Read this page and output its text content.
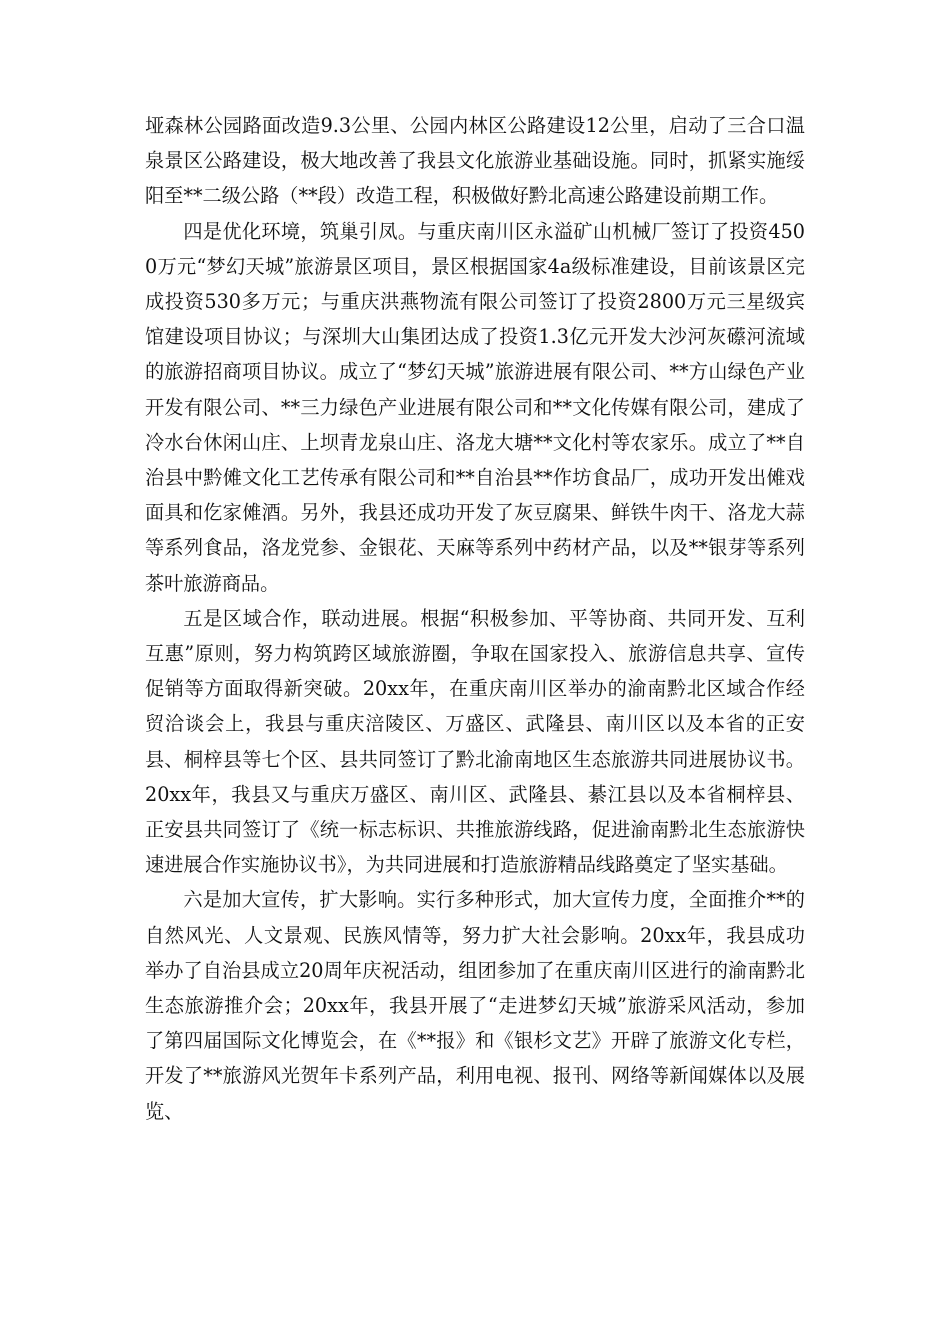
垭森林公园路面改造9.3公里、公园内林区公路建设12公里，启动了三合口温泉景区公路建设，极大地改善了我县文化旅游业基础设施。同时，抓紧实施绥阳至**二级公路（**段）改造工程，积极做好黔北高速公路建设前期工作。

四是优化环境，筑巢引凤。与重庆南川区永溢矿山机械厂签订了投资4500万元“梦幻天城”旅游景区项目，景区根据国家4a级标准建设，目前该景区完成投资530多万元；与重庆洪燕物流有限公司签订了投资2800万元三星级宾馆建设项目协议；与深圳大山集团达成了投资1.3亿元开发大沙河灰礤河流域的旅游招商项目协议。成立了“梦幻天城”旅游进展有限公司、**方山绿色产业开发有限公司、**三力绿色产业进展有限公司和**文化传媒有限公司，建成了冷水台休闲山庄、上坝青龙泉山庄、洛龙大塘**文化村等农家乐。成立了**自治县中黔傩文化工艺传承有限公司和**自治县**作坊食品厂，成功开发出傩戏面具和仡家傩酒。另外，我县还成功开发了灰豆腐果、鲜铁牛肉干、洛龙大蒜等系列食品，洛龙党参、金银花、天麻等系列中药材产品，以及**银芽等系列茶叶旅游商品。

五是区域合作，联动进展。根据“积极参加、平等协商、共同开发、互利互惠”原则，努力构筑跨区域旅游圈，争取在国家投入、旅游信息共享、宣传促销等方面取得新突破。20xx年，在重庆南川区举办的渝南黔北区域合作经贸洽谈会上，我县与重庆涪陵区、万盛区、武隆县、南川区以及本省的正安县、桐梓县等七个区、县共同签订了黔北渝南地区生态旅游共同进展协议书。20xx年，我县又与重庆万盛区、南川区、武隆县、綦江县以及本省桐梓县、正安县共同签订了《统一标志标识、共推旅游线路，促进渝南黔北生态旅游快速进展合作实施协议书》，为共同进展和打造旅游精品线路奠定了坚实基础。

六是加大宣传，扩大影响。实行多种形式，加大宣传力度，全面推介**的自然风光、人文景观、民族风情等，努力扩大社会影响。20xx年，我县成功举办了自治县成立20周年庆祝活动，组团参加了在重庆南川区进行的渝南黔北生态旅游推介会；20xx年，我县开展了“走进梦幻天城”旅游采风活动，参加了第四届国际文化博览会，在《**报》和《银杉文艺》开辟了旅游文化专栏，开发了**旅游风光贺年卡系列产品，利用电视、报刊、网络等新闻媒体以及展览、
